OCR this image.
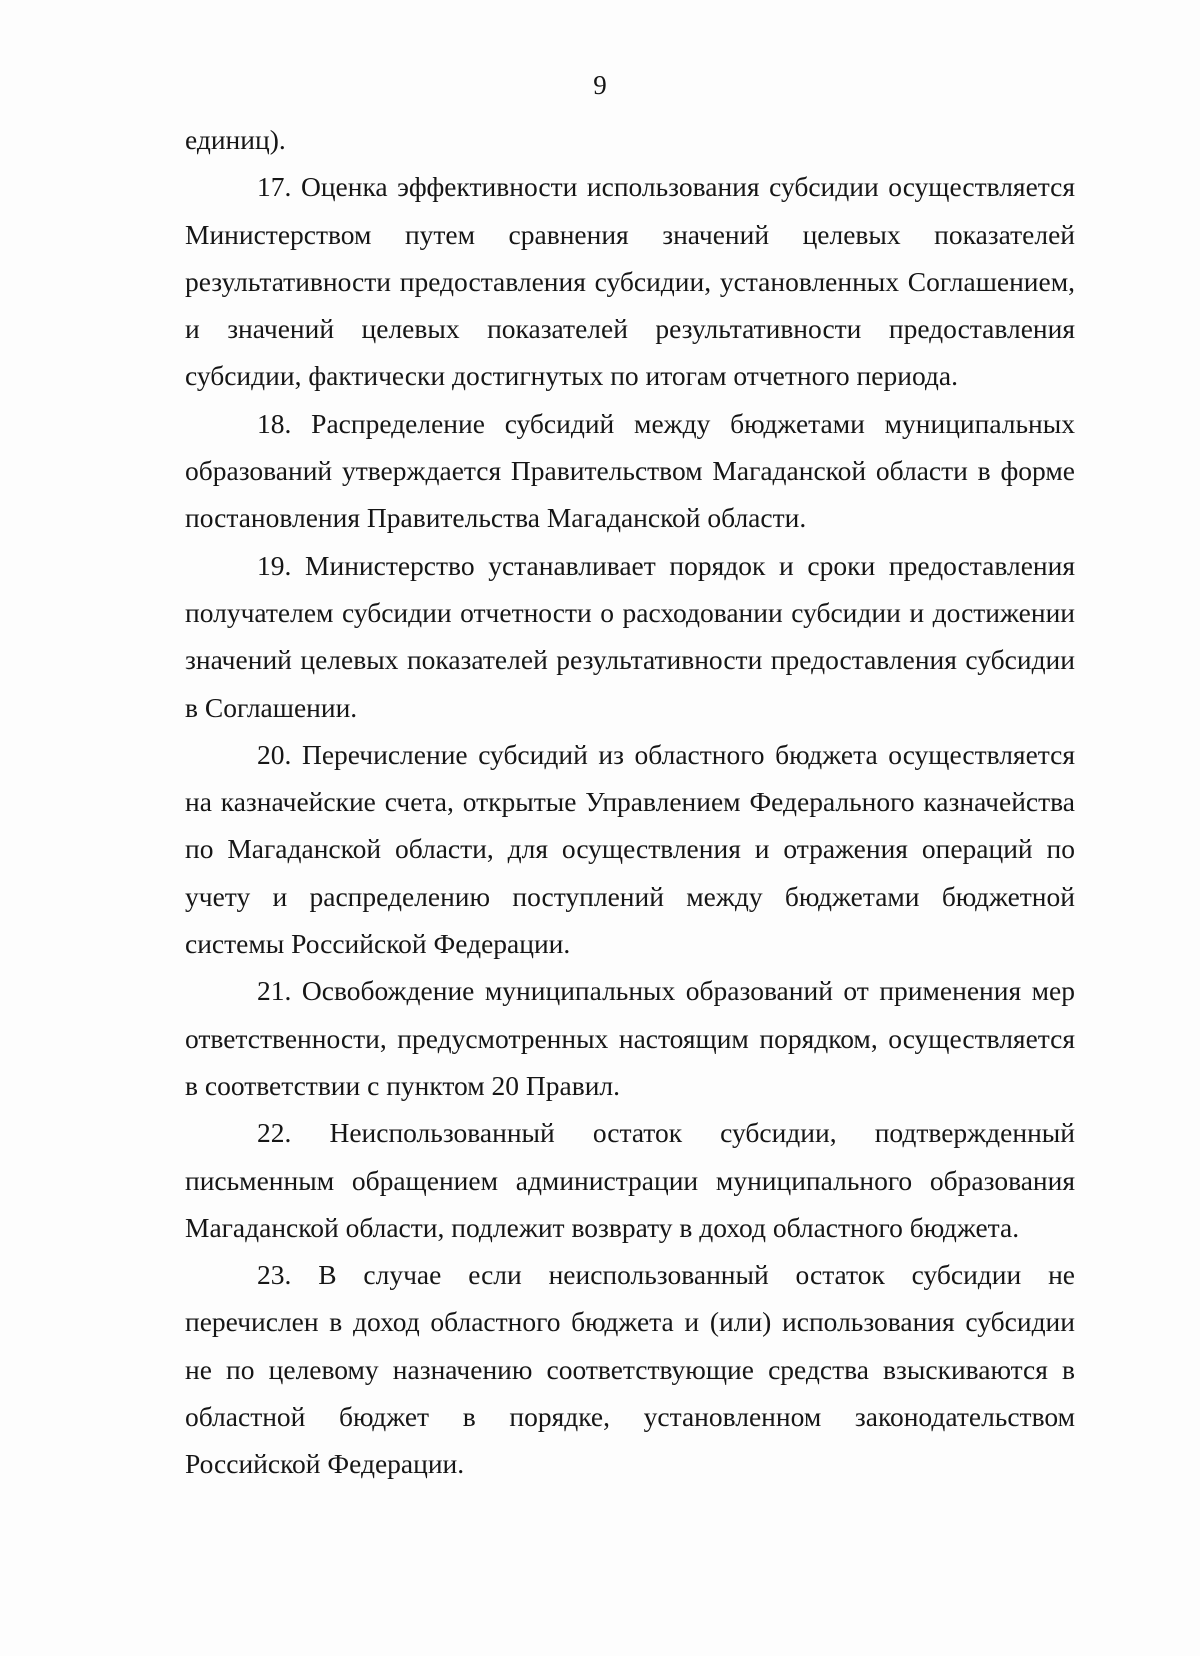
9

единиц).

17. Оценка эффективности использования субсидии осуществляется Министерством путем сравнения значений целевых показателей результативности предоставления субсидии, установленных Соглашением, и значений целевых показателей результативности предоставления субсидии, фактически достигнутых по итогам отчетного периода.

18. Распределение субсидий между бюджетами муниципальных образований утверждается Правительством Магаданской области в форме постановления Правительства Магаданской области.

19. Министерство устанавливает порядок и сроки предоставления получателем субсидии отчетности о расходовании субсидии и достижении значений целевых показателей результативности предоставления субсидии в Соглашении.

20. Перечисление субсидий из областного бюджета осуществляется на казначейские счета, открытые Управлением Федерального казначейства по Магаданской области, для осуществления и отражения операций по учету и распределению поступлений между бюджетами бюджетной системы Российской Федерации.

21. Освобождение муниципальных образований от применения мер ответственности, предусмотренных настоящим порядком, осуществляется в соответствии с пунктом 20 Правил.

22. Неиспользованный остаток субсидии, подтвержденный письменным обращением администрации муниципального образования Магаданской области, подлежит возврату в доход областного бюджета.

23. В случае если неиспользованный остаток субсидии не перечислен в доход областного бюджета и (или) использования субсидии не по целевому назначению соответствующие средства взыскиваются в областной бюджет в порядке, установленном законодательством Российской Федерации.
